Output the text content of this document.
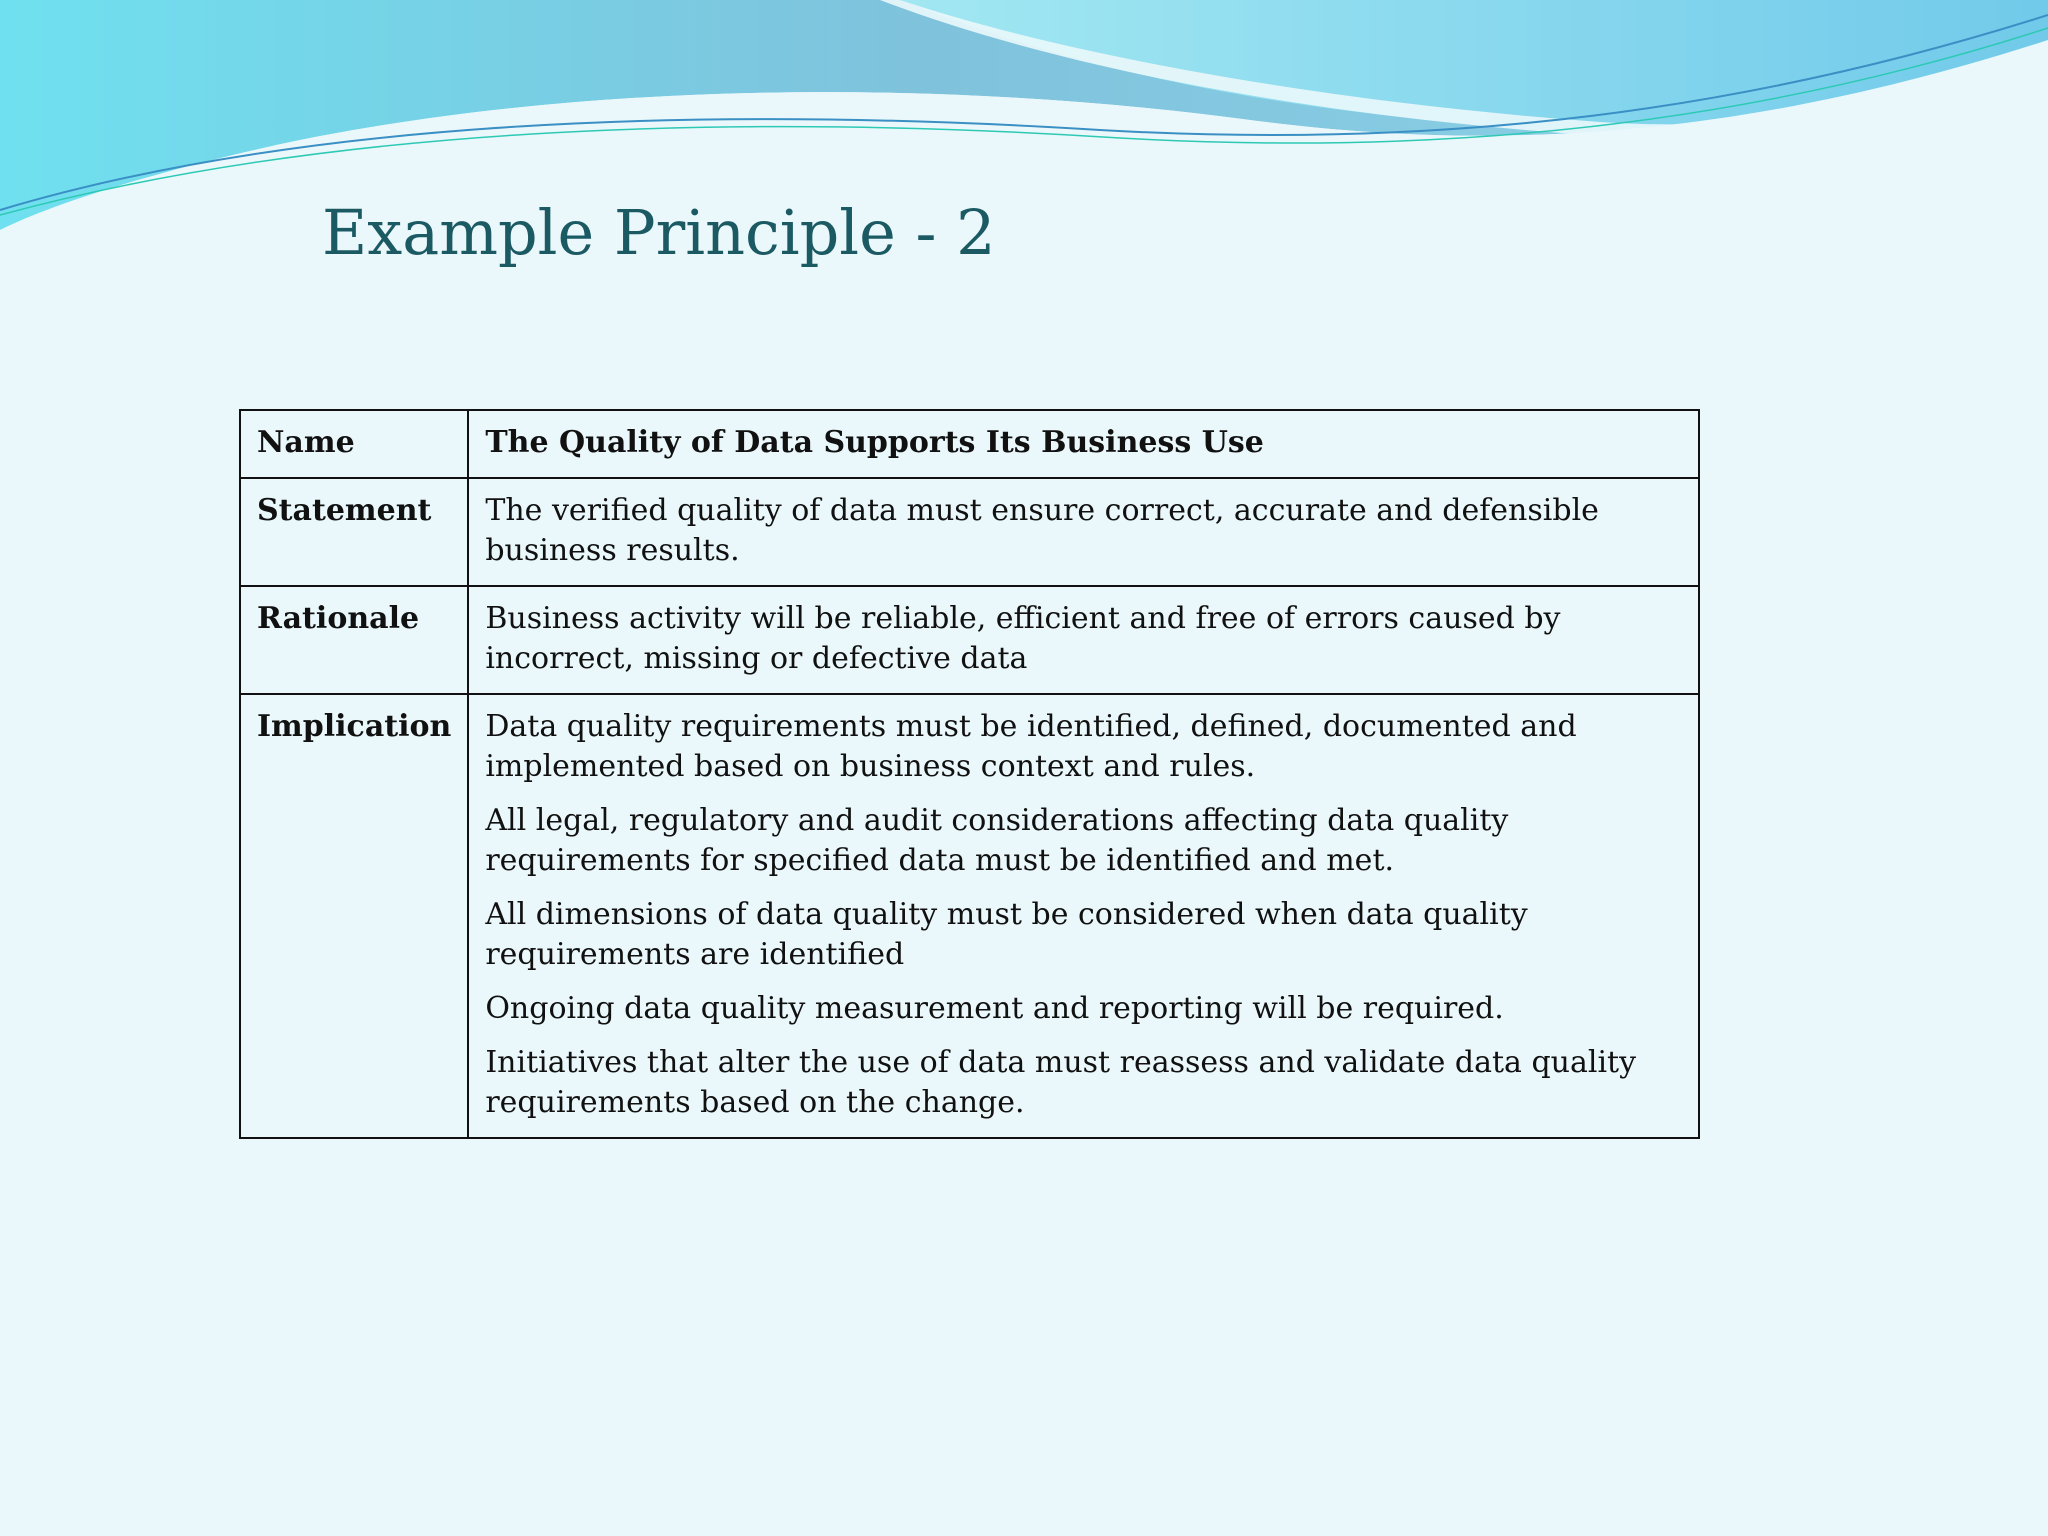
Example Principle - 2
Name	The Quality of Data Supports Its Business Use
Statement	The verified quality of data must ensure correct, accurate and defensible business results.
Rationale	Business activity will be reliable, efficient and free of errors caused by incorrect, missing or defective data
Implication	Data quality requirements must be identified, defined, documented and implemented based on business context and rules.

All legal, regulatory and audit considerations affecting data quality requirements for specified data must be identified and met.

All dimensions of data quality must be considered when data quality requirements are identified

Ongoing data quality measurement and reporting will be required.

Initiatives that alter the use of data must reassess and validate data quality requirements based on the change.
